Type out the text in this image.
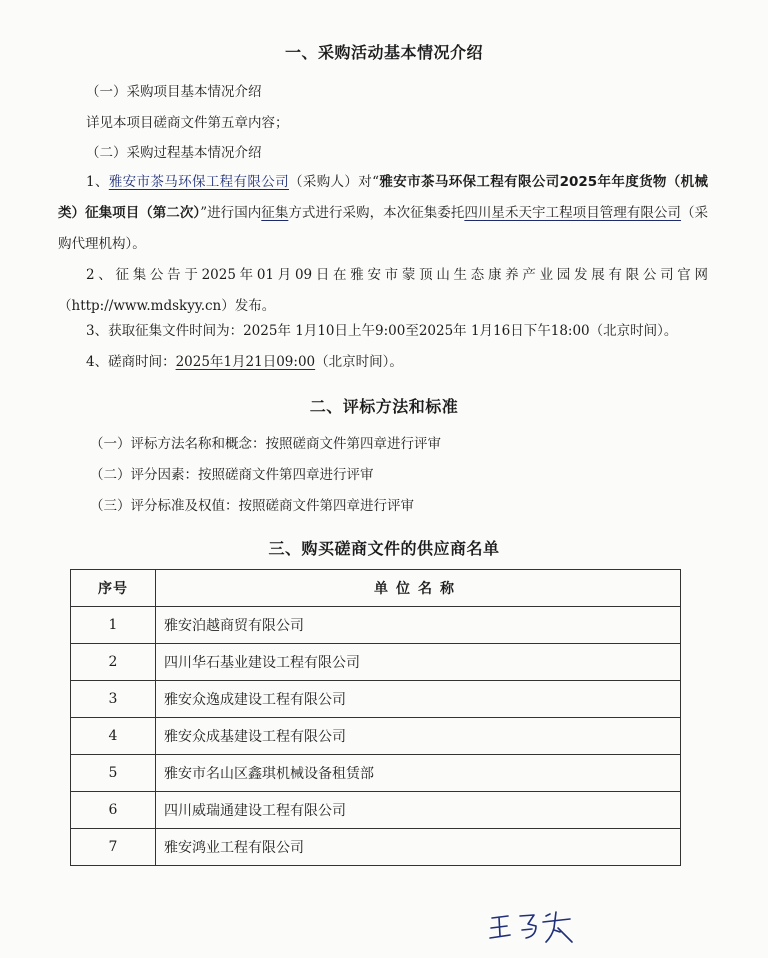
一、采购活动基本情况介绍
（一）采购项目基本情况介绍
详见本项目磋商文件第五章内容；
（二）采购过程基本情况介绍
1、雅安市茶马环保工程有限公司（采购人）对“雅安市茶马环保工程有限公司2025年年度货物（机械类）征集项目（第二次）”进行国内征集方式进行采购，本次征集委托四川星禾天宇工程项目管理有限公司（采购代理机构）。
2、征集公告于2025年01月09日在雅安市蒙顶山生态康养产业园发展有限公司官网（http://www.mdskyy.cn）发布。
3、获取征集文件时间为：2025年 1月10日上午9:00至2025年 1月16日下午18:00（北京时间）。
4、磋商时间：2025年1月21日09:00（北京时间）。
二、评标方法和标准
（一）评标方法名称和概念：按照磋商文件第四章进行评审
（二）评分因素：按照磋商文件第四章进行评审
（三）评分标准及权值：按照磋商文件第四章进行评审
三、购买磋商文件的供应商名单
序号	单位名称
1	雅安泊越商贸有限公司
2	四川华石基业建设工程有限公司
3	雅安众逸成建设工程有限公司
4	雅安众成基建设工程有限公司
5	雅安市名山区鑫琪机械设备租赁部
6	四川威瑞通建设工程有限公司
7	雅安鸿业工程有限公司
